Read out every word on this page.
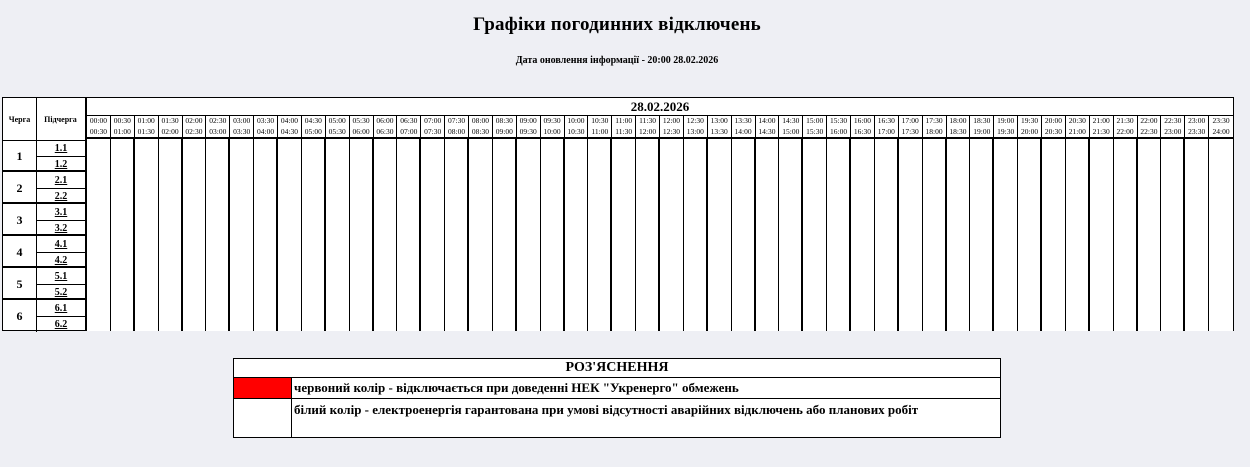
Графіки погодинних відключень
Дата оновлення інформації - 20:00 28.02.2026
Черга	Підчерга
1
1.1
1.2
2
2.1
2.2
3
3.1
3.2
4
4.1
4.2
5
5.1
5.2
6
6.1
6.2
28.02.2026
00:00
00:30
00:30
01:00
01:00
01:30
01:30
02:00
02:00
02:30
02:30
03:00
03:00
03:30
03:30
04:00
04:00
04:30
04:30
05:00
05:00
05:30
05:30
06:00
06:00
06:30
06:30
07:00
07:00
07:30
07:30
08:00
08:00
08:30
08:30
09:00
09:00
09:30
09:30
10:00
10:00
10:30
10:30
11:00
11:00
11:30
11:30
12:00
12:00
12:30
12:30
13:00
13:00
13:30
13:30
14:00
14:00
14:30
14:30
15:00
15:00
15:30
15:30
16:00
16:00
16:30
16:30
17:00
17:00
17:30
17:30
18:00
18:00
18:30
18:30
19:00
19:00
19:30
19:30
20:00
20:00
20:30
20:30
21:00
21:00
21:30
21:30
22:00
22:00
22:30
22:30
23:00
23:00
23:30
23:30
24:00
РОЗ'ЯСНЕННЯ
червоний колір - відключається при доведенні НЕК "Укренерго" обмежень
білий колір - електроенергія гарантована при умові відсутності аварійних відключень або планових робіт
